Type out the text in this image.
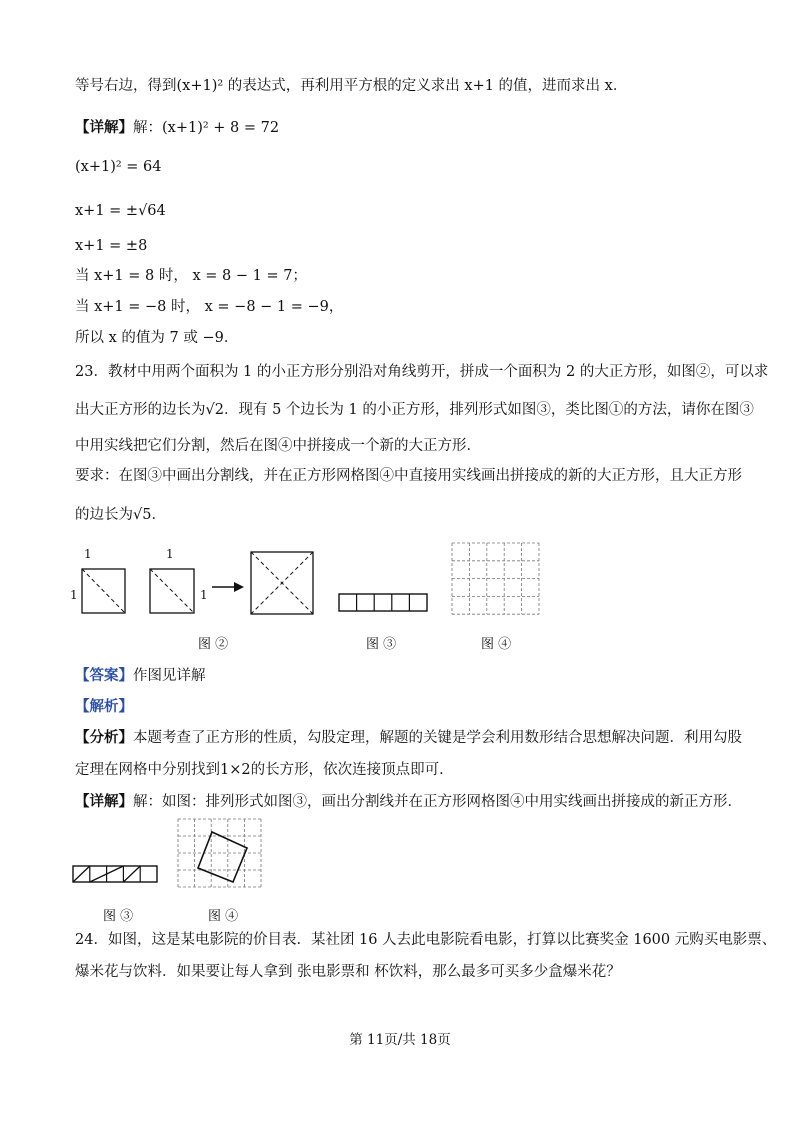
等号右边，得到(x+1)² 的表达式，再利用平方根的定义求出 x+1 的值，进而求出 x．
【详解】解：(x+1)² + 8 = 72
(x+1)² = 64
x+1 = ±√64
x+1 = ±8
当 x+1 = 8 时， x = 8 − 1 = 7；
当 x+1 = −8 时， x = −8 − 1 = −9，
所以 x 的值为 7 或 −9．
23．教材中用两个面积为 1 的小正方形分别沿对角线剪开，拼成一个面积为 2 的大正方形，如图②，可以求
出大正方形的边长为√2．现有 5 个边长为 1 的小正方形，排列形式如图③，类比图①的方法，请你在图③
中用实线把它们分割，然后在图④中拼接成一个新的大正方形．
要求：在图③中画出分割线，并在正方形网格图④中直接用实线画出拼接成的新的大正方形，且大正方形
的边长为√5．
1
1
1
1
图 ②	图 ③	图 ④
【答案】作图见详解
【解析】
【分析】本题考查了正方形的性质，勾股定理，解题的关键是学会利用数形结合思想解决问题．利用勾股
定理在网格中分别找到1×2的长方形，依次连接顶点即可．
【详解】解：如图：排列形式如图③，画出分割线并在正方形网格图④中用实线画出拼接成的新正方形．
图 ③	图 ④
24．如图，这是某电影院的价目表．某社团 16 人去此电影院看电影，打算以比赛奖金 1600 元购买电影票、
爆米花与饮料．如果要让每人拿到 张电影票和 杯饮料，那么最多可买多少盒爆米花？
第 11页/共 18页
